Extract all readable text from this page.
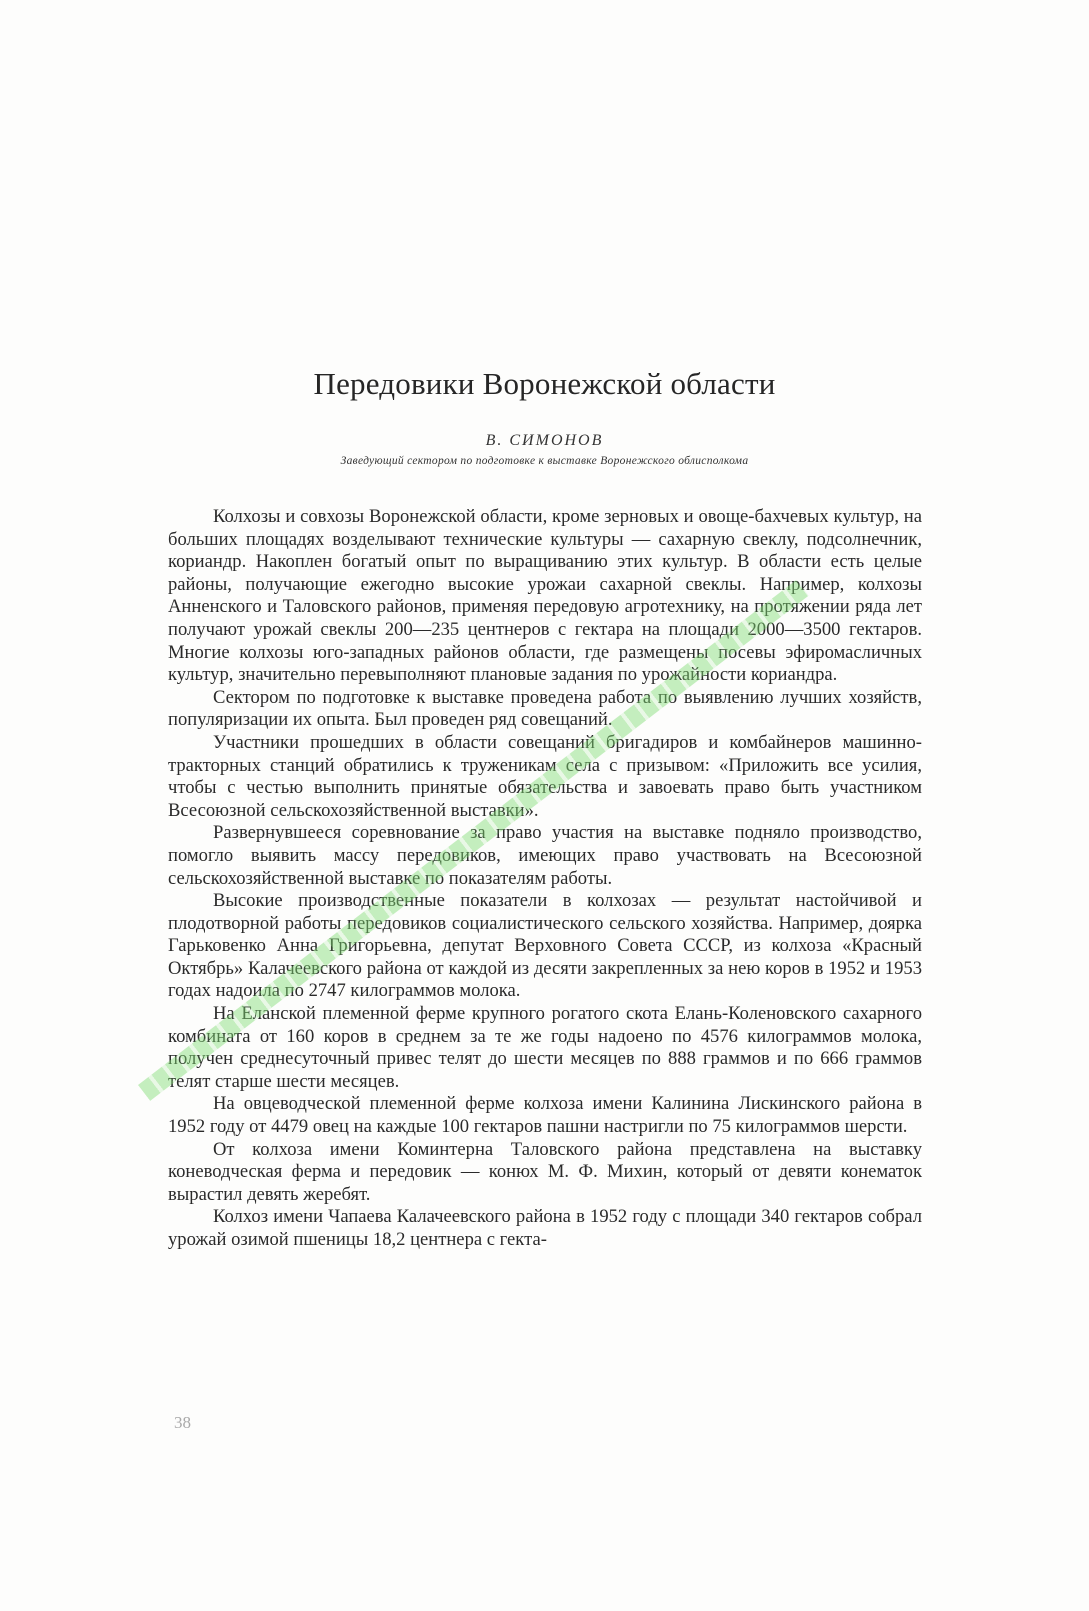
Передовики Воронежской области
В. СИМОНОВ
Заведующий сектором по подготовке к выставке Воронежского облисполкома

Колхозы и совхозы Воронежской области, кроме зерновых и овоще-бахчевых культур, на больших площадях возделывают технические культуры — сахарную свеклу, подсолнечник, кориандр. Накоплен богатый опыт по выращиванию этих культур. В области есть целые районы, получающие ежегодно высокие урожаи сахарной свеклы. Например, колхозы Анненского и Таловского районов, применяя передовую агротехнику, на протяжении ряда лет получают урожай свеклы 200—235 центнеров с гектара на площади 2000—3500 гектаров. Многие колхозы юго-западных районов области, где размещены посевы эфиромасличных культур, значительно перевыполняют плановые задания по урожайности кориандра.

Сектором по подготовке к выставке проведена работа по выявлению лучших хозяйств, популяризации их опыта. Был проведен ряд совещаний.

Участники прошедших в области совещаний бригадиров и комбайнеров машинно-тракторных станций обратились к труженикам села с призывом: «Приложить все усилия, чтобы с честью выполнить принятые обязательства и завоевать право быть участником Всесоюзной сельскохозяйственной выставки».

Развернувшееся соревнование за право участия на выставке подняло производство, помогло выявить массу передовиков, имеющих право участвовать на Всесоюзной сельскохозяйственной выставке по показателям работы.

Высокие производственные показатели в колхозах — результат настойчивой и плодотворной работы передовиков социалистического сельского хозяйства. Например, доярка Гарьковенко Анна Григорьевна, депутат Верховного Совета СССР, из колхоза «Красный Октябрь» Калачеевского района от каждой из десяти закрепленных за нею коров в 1952 и 1953 годах надоила по 2747 килограммов молока.

На Еланской племенной ферме крупного рогатого скота Елань-Коленовского сахарного комбината от 160 коров в среднем за те же годы надоено по 4576 килограммов молока, получен среднесуточный привес телят до шести месяцев по 888 граммов и по 666 граммов телят старше шести месяцев.

На овцеводческой племенной ферме колхоза имени Калинина Лискинского района в 1952 году от 4479 овец на каждые 100 гектаров пашни настригли по 75 килограммов шерсти.

От колхоза имени Коминтерна Таловского района представлена на выставку коневодческая ферма и передовик — конюх М. Ф. Михин, который от девяти конематок вырастил девять жеребят.

Колхоз имени Чапаева Калачеевского района в 1952 году с площади 340 гектаров собрал урожай озимой пшеницы 18,2 центнера с гекта-

38
